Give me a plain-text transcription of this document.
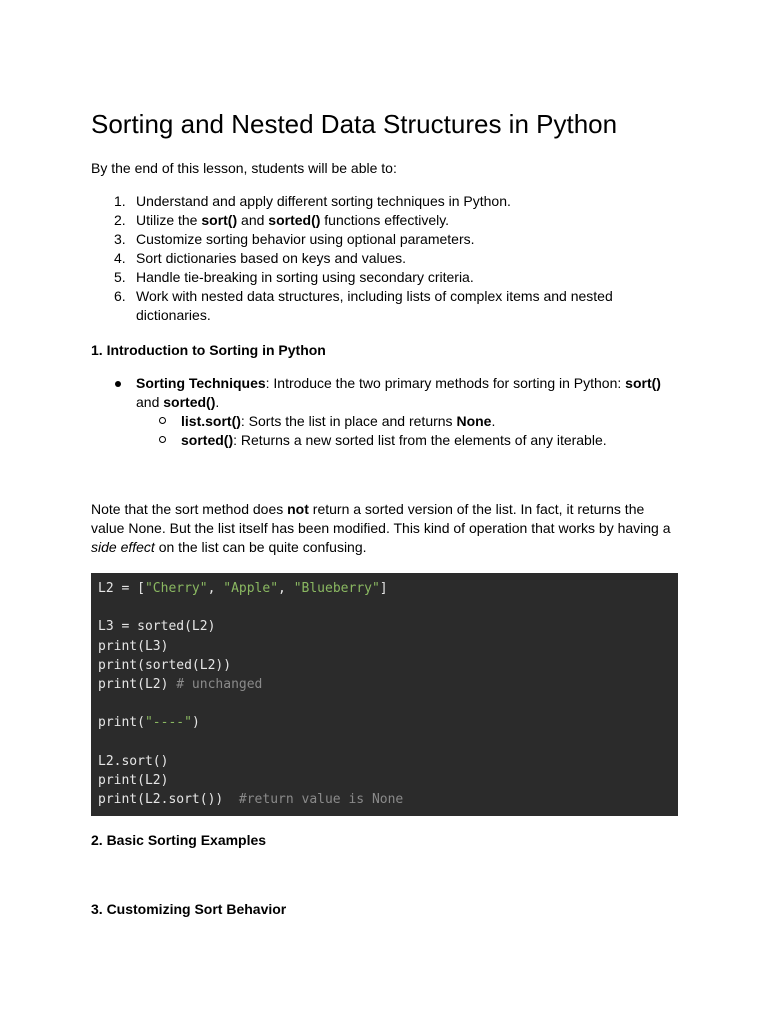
Sorting and Nested Data Structures in Python

By the end of this lesson, students will be able to:

1. Understand and apply different sorting techniques in Python.
2. Utilize the sort() and sorted() functions effectively.
3. Customize sorting behavior using optional parameters.
4. Sort dictionaries based on keys and values.
5. Handle tie-breaking in sorting using secondary criteria.
6. Work with nested data structures, including lists of complex items and nested dictionaries.
1. Introduction to Sorting in Python
Sorting Techniques: Introduce the two primary methods for sorting in Python: sort() and sorted().
list.sort(): Sorts the list in place and returns None.
sorted(): Returns a new sorted list from the elements of any iterable.

Note that the sort method does not return a sorted version of the list. In fact, it returns the value None. But the list itself has been modified. This kind of operation that works by having a side effect on the list can be quite confusing.

L2 = ["Cherry", "Apple", "Blueberry"]

L3 = sorted(L2)
print(L3)
print(sorted(L2))
print(L2) # unchanged

print("----")

L2.sort()
print(L2)
print(L2.sort())  #return value is None
2. Basic Sorting Examples
3. Customizing Sort Behavior
